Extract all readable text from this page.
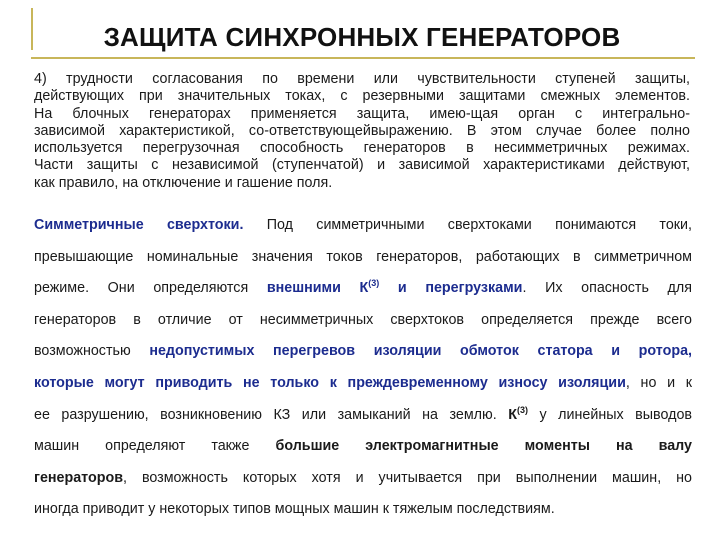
ЗАЩИТА СИНХРОННЫХ ГЕНЕРАТОРОВ
4) трудности согласования по времени или чувствительности ступеней защиты,
действующих при значительных токах, с резервными защитами смежных элементов.
На блочных генераторах применяется защита, имею-щая орган с интегрально-
зависимой характеристикой, со-ответствующейвыражению. В этом случае более полно
используется перегрузочная способность генераторов в несимметричных режимах.
Части защиты с независимой (ступенчатой) и зависимой характеристиками действуют,
как правило, на отключение и гашение поля.
Симметричные сверхтоки. Под симметричными сверхтоками понимаются токи,
превышающие номинальные значения токов генераторов, работающих в симметричном
режиме. Они определяются внешними $К^{(3)}$ и перегрузками. Их опасность для
генераторов в отличие от несимметричных сверхтоков определяется прежде всего
возможностью недопустимых перегревов изоляции обмоток статора и ротора,
которые могут приводить не только к преждевременному износу изоляции, но и к
ее разрушению, возникновению КЗ или замыканий на землю. $К^{(3)}$ у линейных выводов
машин определяют также большие электромагнитные моменты на валу
генераторов, возможность которых хотя и учитывается при выполнении машин, но
иногда приводит у некоторых типов мощных машин к тяжелым последствиям.
